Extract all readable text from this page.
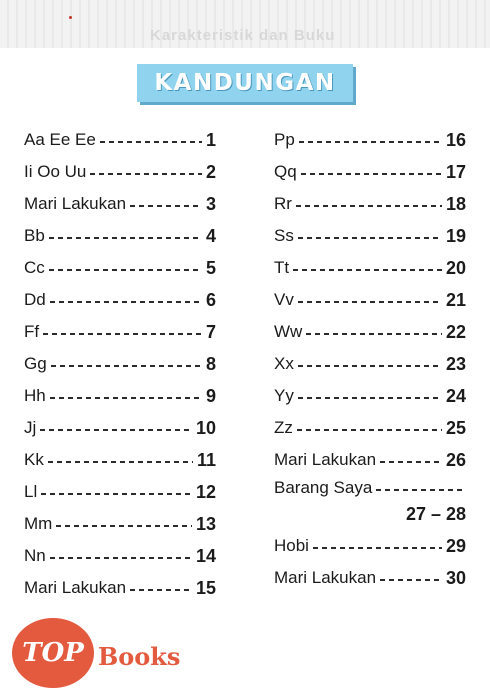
Karakteristik dan Buku
KANDUNGAN
Aa Ee Ee	1
Ii Oo Uu	2
Mari Lakukan	3
Bb	4
Cc	5
Dd	6
Ff	7
Gg	8
Hh	9
Jj	10
Kk	11
Ll	12
Mm	13
Nn	14
Mari Lakukan	15
Pp	16
Qq	17
Rr	18
Ss	19
Tt	20
Vv	21
Ww	22
Xx	23
Yy	24
Zz	25
Mari Lakukan	26
Barang Saya
27 – 28
Hobi	29
Mari Lakukan	30
TOP Books
